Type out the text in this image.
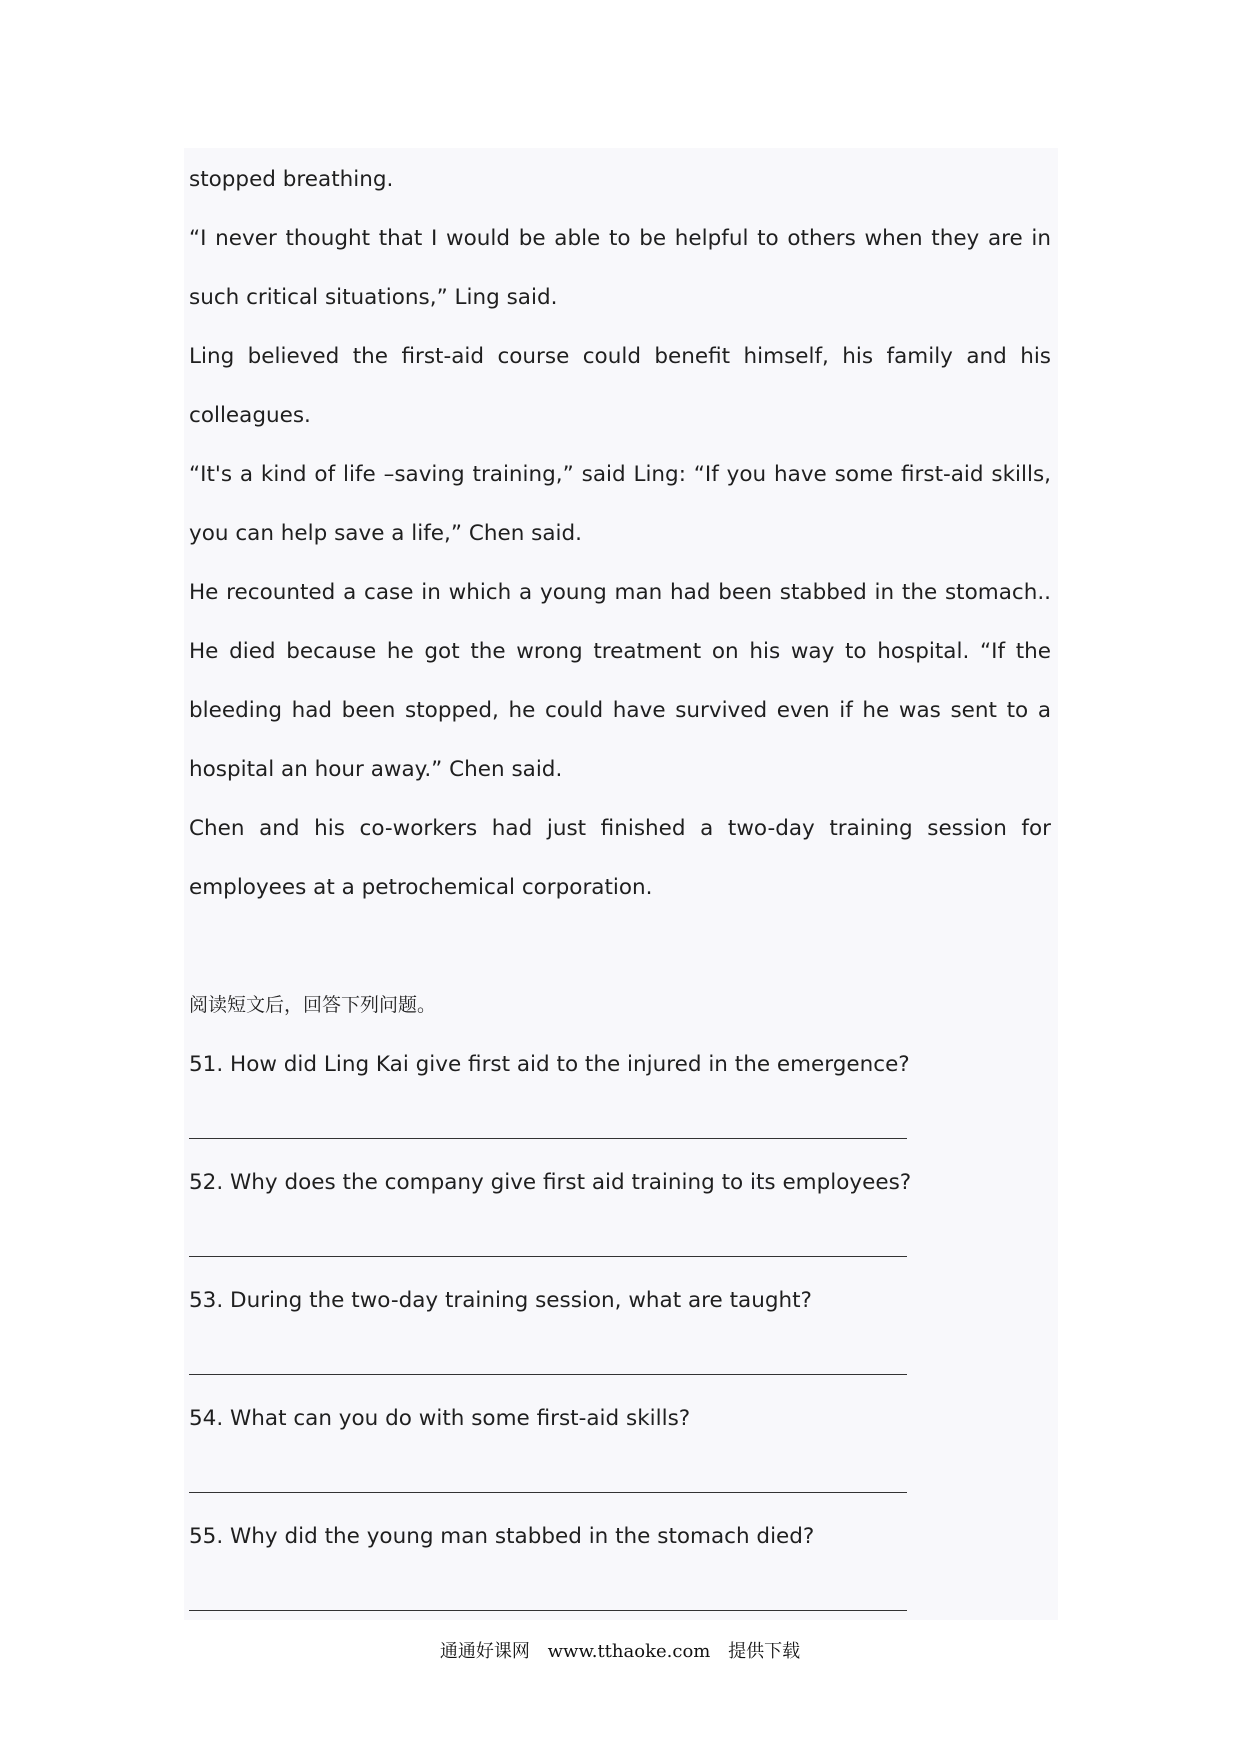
stopped breathing.

“I never thought that I would be able to be helpful to others when they are in such critical situations,” Ling said.

Ling believed the first-aid course could benefit himself, his family and his colleagues.

“It's a kind of life –saving training,” said Ling: “If you have some first-aid skills, you can help save a life,” Chen said.

He recounted a case in which a young man had been stabbed in the stomach.. He died because he got the wrong treatment on his way to hospital. “If the bleeding had been stopped, he could have survived even if he was sent to a hospital an hour away.” Chen said.

Chen and his co-workers had just finished a two-day training session for employees at a petrochemical corporation.

阅读短文后，回答下列问题。

51. How did Ling Kai give first aid to the injured in the emergence?

52. Why does the company give first aid training to its employees?

53. During the two-day training session, what are taught?

54. What can you do with some first-aid skills?

55. Why did the young man stabbed in the stomach died?

通通好课网 www.tthaoke.com 提供下载
